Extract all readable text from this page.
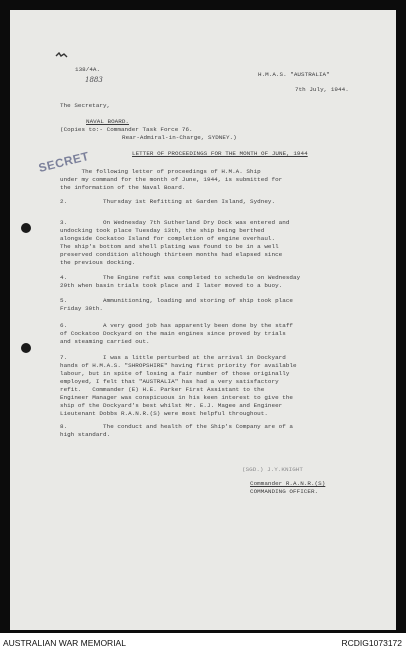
138/4A.

1883

H.M.A.S. "AUSTRALIA"

7th July, 1944.

The Secretary,

NAVAL BOARD.

(Copies to:- Commander Task Force 76.

Rear-Admiral-in-Charge, SYDNEY.)

SECRET	LETTER OF PROCEEDINGS FOR THE MONTH OF JUNE, 1944

The following letter of proceedings of H.M.A. Ship
under my command for the month of June, 1944, is submitted for
the information of the Naval Board.

2.          Thursday 1st Refitting at Garden Island, Sydney.

3.          On Wednesday 7th Sutherland Dry Dock was entered and
undocking took place Tuesday 13th, the ship being berthed
alongside Cockatoo Island for completion of engine overhaul.
The ship's bottom and shell plating was found to be in a well
preserved condition although thirteen months had elapsed since
the previous docking.

4.          The Engine refit was completed to schedule on Wednesday
29th when basin trials took place and I later moved to a buoy.

5.          Ammunitioning, loading and storing of ship took place
Friday 30th.

6.          A very good job has apparently been done by the staff
of Cockatoo Dockyard on the main engines since proved by trials
and steaming carried out.

7.          I was a little perturbed at the arrival in Dockyard
hands of H.M.A.S. "SHROPSHIRE" having first priority for available
labour, but in spite of losing a fair number of those originally
employed, I felt that "AUSTRALIA" has had a very satisfactory
refit.   Commander (E) H.E. Parker First Assistant to the
Engineer Manager was conspicuous in his keen interest to give the
ship of the Dockyard's best whilst Mr. E.J. Magee and Engineer
Lieutenant Dobbs R.A.N.R.(S) were most helpful throughout.

8.          The conduct and health of the Ship's Company are of a
high standard.

(SGD.) J.Y.KNIGHT

Commander R.A.N.R.(S)

COMMANDING OFFICER.

AUSTRALIAN WAR MEMORIAL	RCDIG1073172
